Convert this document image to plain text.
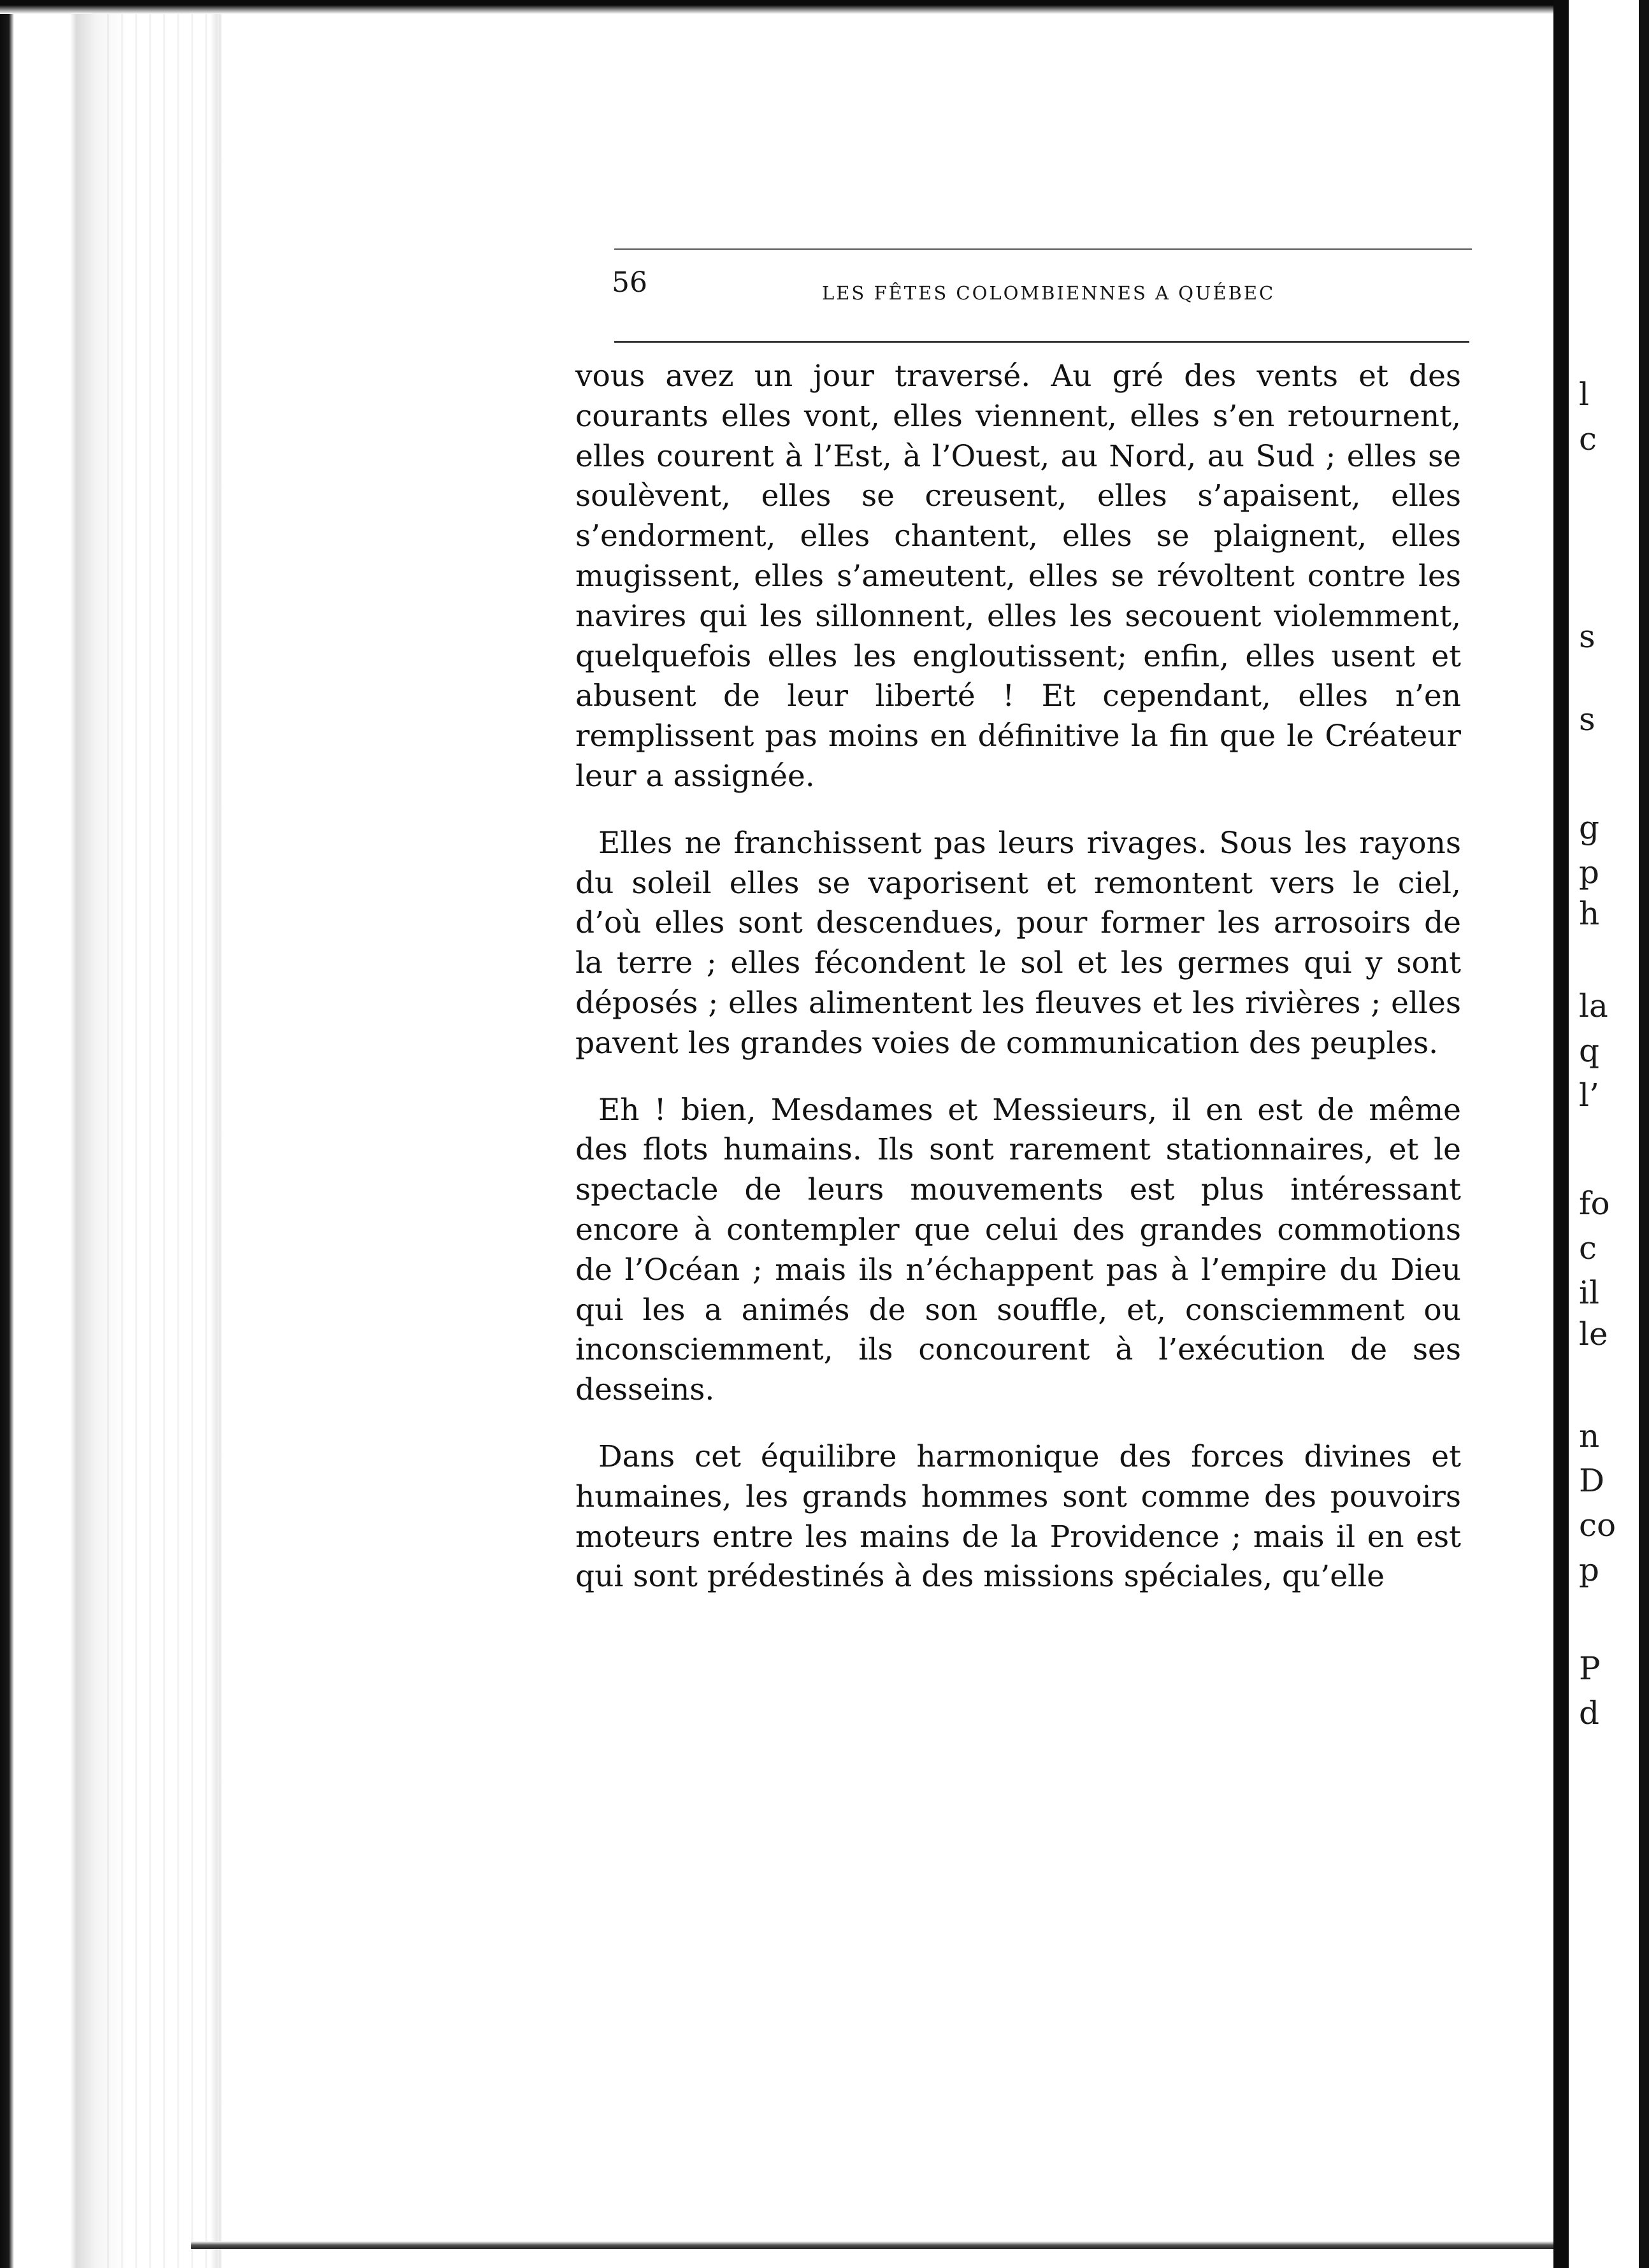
56	LES FÊTES COLOMBIENNES A QUÉBEC

vous avez un jour traversé. Au gré des vents et des courants elles vont, elles viennent, elles s’en retournent, elles courent à l’Est, à l’Ouest, au Nord, au Sud ; elles se soulèvent, elles se creusent, elles s’apaisent, elles s’endorment, elles chantent, elles se plaignent, elles mugissent, elles s’ameutent, elles se révoltent contre les navires qui les sillonnent, elles les secouent violemment, quelquefois elles les engloutissent; enfin, elles usent et abusent de leur liberté ! Et cependant, elles n’en remplissent pas moins en définitive la fin que le Créateur leur a assignée.

Elles ne franchissent pas leurs rivages. Sous les rayons du soleil elles se vaporisent et remontent vers le ciel, d’où elles sont descendues, pour former les arrosoirs de la terre ; elles fécondent le sol et les germes qui y sont déposés ; elles alimentent les fleuves et les rivières ; elles pavent les grandes voies de communication des peuples.

Eh ! bien, Mesdames et Messieurs, il en est de même des flots humains. Ils sont rarement stationnaires, et le spectacle de leurs mouvements est plus intéressant encore à contempler que celui des grandes commotions de l’Océan ; mais ils n’échappent pas à l’empire du Dieu qui les a animés de son souffle, et, consciemment ou inconsciemment, ils concourent à l’exécution de ses desseins.

Dans cet équilibre harmonique des forces divines et humaines, les grands hommes sont comme des pouvoirs moteurs entre les mains de la Providence ; mais il en est qui sont prédestinés à des missions spéciales, qu’elle

l
c
s
s
g
p
h
la
q
l’
fo
c
il
le
n
D
co
p
P
d
